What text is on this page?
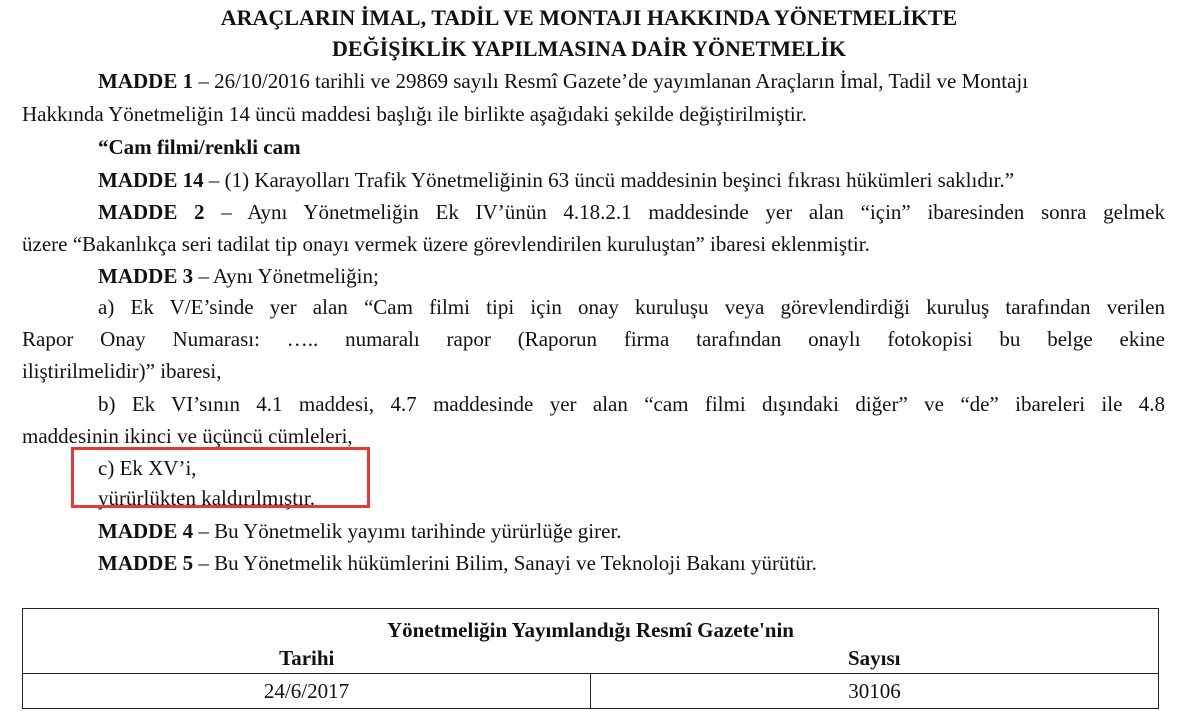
ARAÇLARIN İMAL, TADİL VE MONTAJI HAKKINDA YÖNETMELİKTE
DEĞİŞİKLİK YAPILMASINA DAİR YÖNETMELİK
MADDE 1 – 26/10/2016 tarihli ve 29869 sayılı Resmî Gazete’de yayımlanan Araçların İmal, Tadil ve Montajı
Hakkında Yönetmeliğin 14 üncü maddesi başlığı ile birlikte aşağıdaki şekilde değiştirilmiştir.
“Cam filmi/renkli cam
MADDE 14 – (1) Karayolları Trafik Yönetmeliğinin 63 üncü maddesinin beşinci fıkrası hükümleri saklıdır.”
MADDE 2 – Aynı Yönetmeliğin Ek IV’ünün 4.18.2.1 maddesinde yer alan “için” ibaresinden sonra gelmek
üzere “Bakanlıkça seri tadilat tip onayı vermek üzere görevlendirilen kuruluştan” ibaresi eklenmiştir.
MADDE 3 – Aynı Yönetmeliğin;
a) Ek V/E’sinde yer alan “Cam filmi tipi için onay kuruluşu veya görevlendirdiği kuruluş tarafından verilen
Rapor Onay Numarası: ….. numaralı rapor (Raporun firma tarafından onaylı fotokopisi bu belge ekine
iliştirilmelidir)” ibaresi,
b) Ek VI’sının 4.1 maddesi, 4.7 maddesinde yer alan “cam filmi dışındaki diğer” ve “de” ibareleri ile 4.8
maddesinin ikinci ve üçüncü cümleleri,
c) Ek XV’i,
yürürlükten kaldırılmıştır.
MADDE 4 – Bu Yönetmelik yayımı tarihinde yürürlüğe girer.
MADDE 5 – Bu Yönetmelik hükümlerini Bilim, Sanayi ve Teknoloji Bakanı yürütür.
Yönetmeliğin Yayımlandığı Resmî Gazete'nin	
Tarihi	Sayısı
24/6/2017	30106
